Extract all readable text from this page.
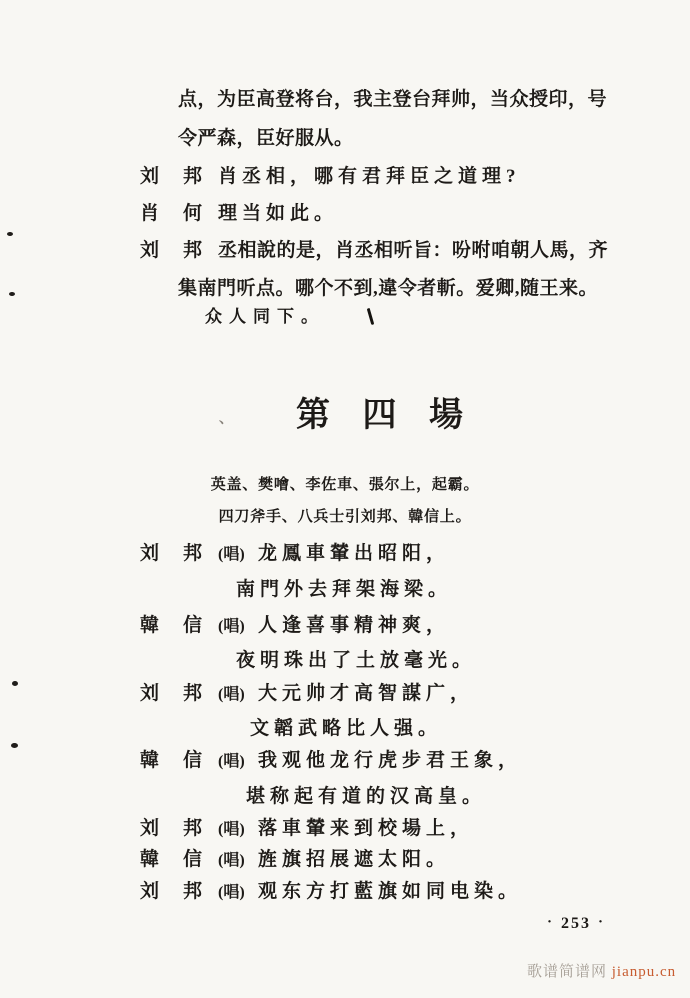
点，为臣高登将台，我主登台拜帅，当众授印，号
令严森，臣好服从。
刘 邦 肖丞相，哪有君拜臣之道理?
肖 何 理当如此。
刘 邦 丞相說的是，肖丞相听旨：吩咐咱朝人馬，齐
集南門听点。哪个不到,違令者斬。爱卿,随王来。
众人同下。
、 第 四 場
英盖、樊噲、李佐車、張尔上，起霸。
四刀斧手、八兵士引刘邦、韓信上。
刘 邦 (唱) 龙鳳車輦出昭阳，
南門外去拜架海梁。
韓 信 (唱) 人逢喜事精神爽，
夜明珠出了土放毫光。
刘 邦 (唱) 大元帅才高智謀广，
文韜武略比人强。
韓 信 (唱) 我观他龙行虎步君王象，
堪称起有道的汉高皇。
刘 邦 (唱) 落車輦来到校場上，
韓 信 (唱) 旌旗招展遮太阳。
刘 邦 (唱) 观东方打藍旗如同电染。
· 253 ·
歌谱简谱网 jianpu.cn
